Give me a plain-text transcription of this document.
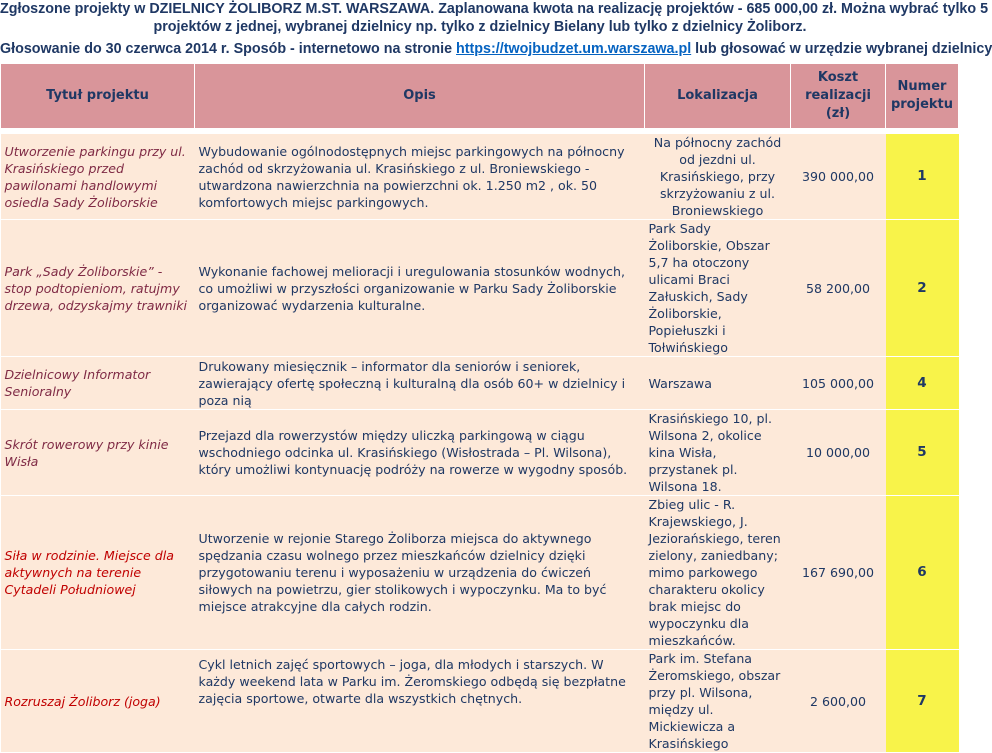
Zgłoszone projekty w DZIELNICY ŻOLIBORZ M.ST. WARSZAWA. Zaplanowana kwota na realizację projektów - 685 000,00 zł. Można wybrać tylko 5
projektów z jednej, wybranej dzielnicy np. tylko z dzielnicy Bielany lub tylko z dzielnicy Żoliborz.
Głosowanie do 30 czerwca 2014 r. Sposób - internetowo na stronie https://twojbudzet.um.warszawa.pl lub głosować w urzędzie wybranej dzielnicy
Tytuł projektu	Opis	Lokalizacja	Koszt realizacji (zł)	Numer projektu

Utworzenie parkingu przy ul. Krasińskiego przed pawilonami handlowymi osiedla Sady Żoliborskie	Wybudowanie ogólnodostępnych miejsc parkingowych na północny zachód od skrzyżowania ul. Krasińskiego z ul. Broniewskiego - utwardzona nawierzchnia na powierzchni ok. 1.250 m2 , ok. 50 komfortowych miejsc parkingowych.	Na północny zachód od jezdni ul. Krasińskiego, przy skrzyżowaniu z ul. Broniewskiego	390 000,00	1
Park „Sady Żoliborskie” - stop podtopieniom, ratujmy drzewa, odzyskajmy trawniki	Wykonanie fachowej melioracji i uregulowania stosunków wodnych, co umożliwi w przyszłości organizowanie w Parku Sady Żoliborskie organizować wydarzenia kulturalne.	Park Sady Żoliborskie, Obszar 5,7 ha otoczony ulicami Braci Załuskich, Sady Żoliborskie, Popiełuszki i Tołwińskiego	58 200,00	2
Dzielnicowy Informator Senioralny	Drukowany miesięcznik – informator dla seniorów i seniorek, zawierający ofertę społeczną i kulturalną dla osób 60+ w dzielnicy i poza nią	Warszawa	105 000,00	4
Skrót rowerowy przy kinie Wisła	Przejazd dla rowerzystów między uliczką parkingową w ciągu wschodniego odcinka ul. Krasińskiego (Wisłostrada – Pl. Wilsona), który umożliwi kontynuację podróży na rowerze w wygodny sposób.	Krasińskiego 10, pl. Wilsona 2, okolice kina Wisła, przystanek pl. Wilsona 18.	10 000,00	5
Siła w rodzinie. Miejsce dla aktywnych na terenie Cytadeli Południowej	Utworzenie w rejonie Starego Żoliborza miejsca do aktywnego spędzania czasu wolnego przez mieszkańców dzielnicy dzięki przygotowaniu terenu i wyposażeniu w urządzenia do ćwiczeń siłowych na powietrzu, gier stolikowych i wypoczynku. Ma to być miejsce atrakcyjne dla całych rodzin.	Zbieg ulic - R. Krajewskiego, J. Jeziorańskiego, teren zielony, zaniedbany; mimo parkowego charakteru okolicy brak miejsc do wypoczynku dla mieszkańców.	167 690,00	6
Rozruszaj Żoliborz (joga)	Cykl letnich zajęć sportowych – joga, dla młodych i starszych. W każdy weekend lata w Parku im. Żeromskiego odbędą się bezpłatne zajęcia sportowe, otwarte dla wszystkich chętnych.	Park im. Stefana Żeromskiego, obszar przy pl. Wilsona, między ul. Mickiewicza a Krasińskiego	2 600,00	7
